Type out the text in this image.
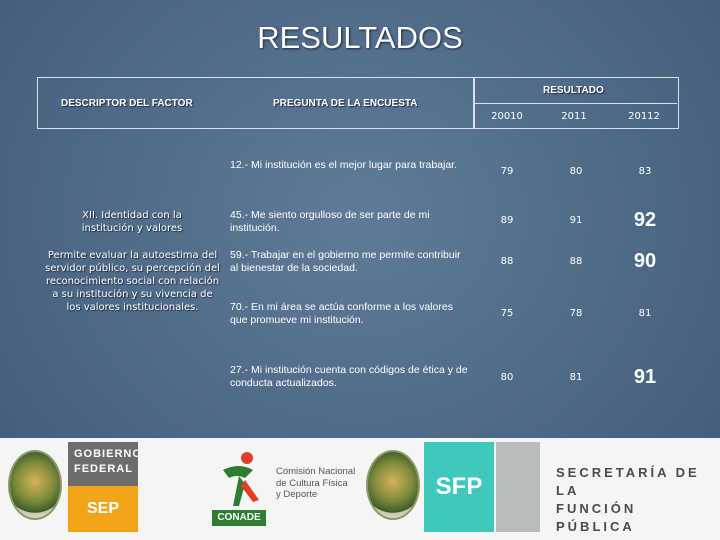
RESULTADOS
DESCRIPTOR DEL FACTOR	PREGUNTA DE LA ENCUESTA
RESULTADO
20010	2011	20112
XII. Identidad con la institución y valores
Permite evaluar la autoestima del servidor público, su percepción del reconocimiento social con relación a su institución y su vivencia de los valores institucionales.
12.- Mi institución es el mejor lugar para trabajar.
79	80	83
45.- Me siento orgulloso de ser parte de mi institución.
89	91	92
59.- Trabajar en el gobierno me permite contribuir al bienestar de la sociedad.
88	88	90
70.- En mi área se actúa conforme a los valores que promueve mi institución.
75	78	81
27.- Mi institución cuenta con códigos de ética y de conducta actualizados.	80	81	91
GOBIERNO
FEDERAL
SEP
CONADE
Comisión Nacional
de Cultura Física
y Deporte	SFP
SECRETARÍA DE LA
FUNCIÓN PÚBLICA
